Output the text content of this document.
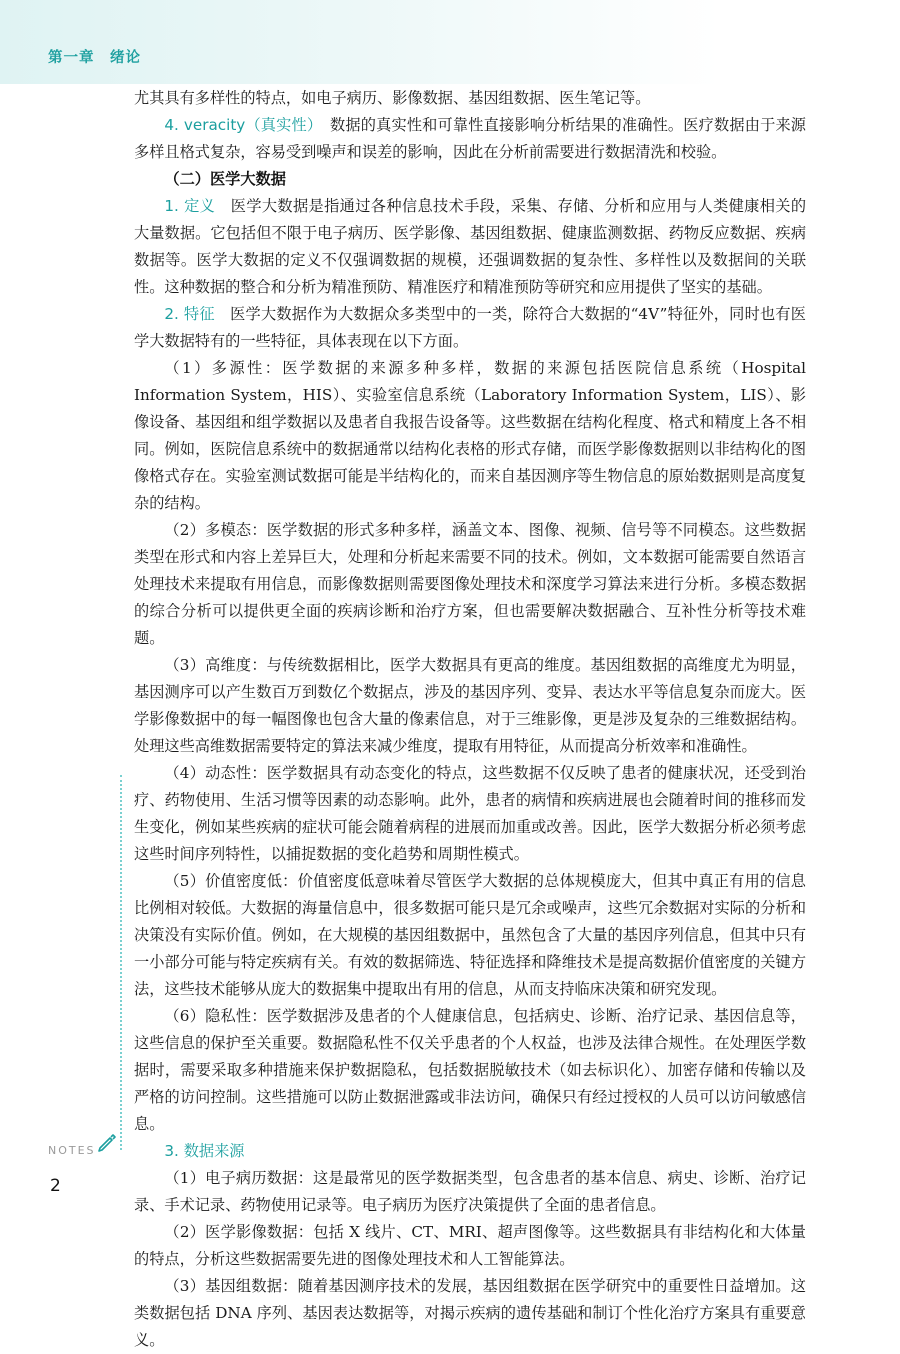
第一章　绪论

尤其具有多样性的特点，如电子病历、影像数据、基因组数据、医生笔记等。

4. veracity（真实性）　数据的真实性和可靠性直接影响分析结果的准确性。医疗数据由于来源多样且格式复杂，容易受到噪声和误差的影响，因此在分析前需要进行数据清洗和校验。

（二）医学大数据

1. 定义　医学大数据是指通过各种信息技术手段，采集、存储、分析和应用与人类健康相关的大量数据。它包括但不限于电子病历、医学影像、基因组数据、健康监测数据、药物反应数据、疾病数据等。医学大数据的定义不仅强调数据的规模，还强调数据的复杂性、多样性以及数据间的关联性。这种数据的整合和分析为精准预防、精准医疗和精准预防等研究和应用提供了坚实的基础。

2. 特征　医学大数据作为大数据众多类型中的一类，除符合大数据的“4V”特征外，同时也有医学大数据特有的一些特征，具体表现在以下方面。

（1）多源性：医学数据的来源多种多样，数据的来源包括医院信息系统（Hospital Information System，HIS）、实验室信息系统（Laboratory Information System，LIS）、影像设备、基因组和组学数据以及患者自我报告设备等。这些数据在结构化程度、格式和精度上各不相同。例如，医院信息系统中的数据通常以结构化表格的形式存储，而医学影像数据则以非结构化的图像格式存在。实验室测试数据可能是半结构化的，而来自基因测序等生物信息的原始数据则是高度复杂的结构。

（2）多模态：医学数据的形式多种多样，涵盖文本、图像、视频、信号等不同模态。这些数据类型在形式和内容上差异巨大，处理和分析起来需要不同的技术。例如，文本数据可能需要自然语言处理技术来提取有用信息，而影像数据则需要图像处理技术和深度学习算法来进行分析。多模态数据的综合分析可以提供更全面的疾病诊断和治疗方案，但也需要解决数据融合、互补性分析等技术难题。

（3）高维度：与传统数据相比，医学大数据具有更高的维度。基因组数据的高维度尤为明显，基因测序可以产生数百万到数亿个数据点，涉及的基因序列、变异、表达水平等信息复杂而庞大。医学影像数据中的每一幅图像也包含大量的像素信息，对于三维影像，更是涉及复杂的三维数据结构。处理这些高维数据需要特定的算法来减少维度，提取有用特征，从而提高分析效率和准确性。

（4）动态性：医学数据具有动态变化的特点，这些数据不仅反映了患者的健康状况，还受到治疗、药物使用、生活习惯等因素的动态影响。此外，患者的病情和疾病进展也会随着时间的推移而发生变化，例如某些疾病的症状可能会随着病程的进展而加重或改善。因此，医学大数据分析必须考虑这些时间序列特性，以捕捉数据的变化趋势和周期性模式。

（5）价值密度低：价值密度低意味着尽管医学大数据的总体规模庞大，但其中真正有用的信息比例相对较低。大数据的海量信息中，很多数据可能只是冗余或噪声，这些冗余数据对实际的分析和决策没有实际价值。例如，在大规模的基因组数据中，虽然包含了大量的基因序列信息，但其中只有一小部分可能与特定疾病有关。有效的数据筛选、特征选择和降维技术是提高数据价值密度的关键方法，这些技术能够从庞大的数据集中提取出有用的信息，从而支持临床决策和研究发现。

（6）隐私性：医学数据涉及患者的个人健康信息，包括病史、诊断、治疗记录、基因信息等，这些信息的保护至关重要。数据隐私性不仅关乎患者的个人权益，也涉及法律合规性。在处理医学数据时，需要采取多种措施来保护数据隐私，包括数据脱敏技术（如去标识化）、加密存储和传输以及严格的访问控制。这些措施可以防止数据泄露或非法访问，确保只有经过授权的人员可以访问敏感信息。

3. 数据来源

（1）电子病历数据：这是最常见的医学数据类型，包含患者的基本信息、病史、诊断、治疗记录、手术记录、药物使用记录等。电子病历为医疗决策提供了全面的患者信息。

（2）医学影像数据：包括 X 线片、CT、MRI、超声图像等。这些数据具有非结构化和大体量的特点，分析这些数据需要先进的图像处理技术和人工智能算法。

（3）基因组数据：随着基因测序技术的发展，基因组数据在医学研究中的重要性日益增加。这类数据包括 DNA 序列、基因表达数据等，对揭示疾病的遗传基础和制订个性化治疗方案具有重要意义。

NOTES
2
